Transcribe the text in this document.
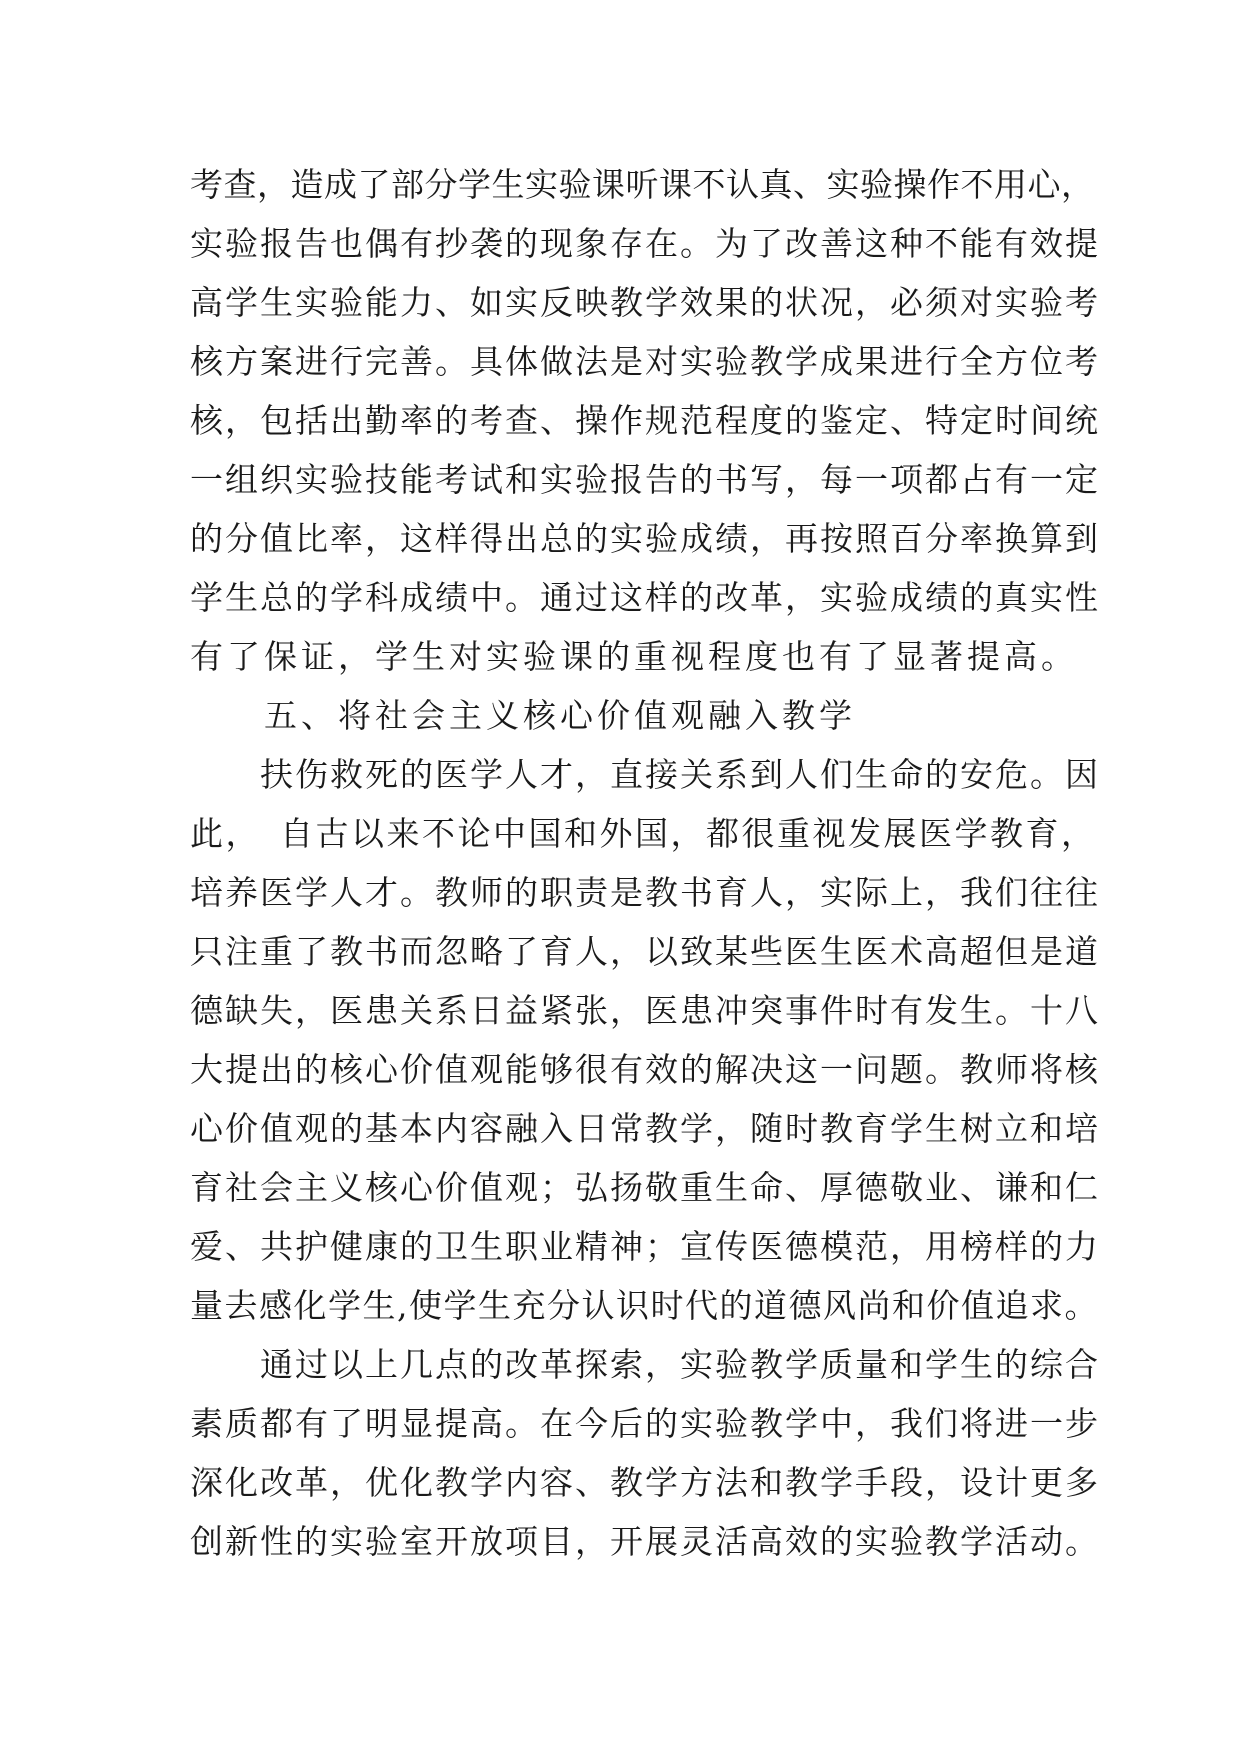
考查，造成了部分学生实验课听课不认真、实验操作不用心，
实验报告也偶有抄袭的现象存在。为了改善这种不能有效提
高学生实验能力、如实反映教学效果的状况，必须对实验考
核方案进行完善。具体做法是对实验教学成果进行全方位考
核，包括出勤率的考查、操作规范程度的鉴定、特定时间统
一组织实验技能考试和实验报告的书写，每一项都占有一定
的分值比率，这样得出总的实验成绩，再按照百分率换算到
学生总的学科成绩中。通过这样的改革，实验成绩的真实性
有了保证，学生对实验课的重视程度也有了显著提高。
　　五、将社会主义核心价值观融入教学
　　扶伤救死的医学人才，直接关系到人们生命的安危。因
此，　自古以来不论中国和外国，都很重视发展医学教育，
培养医学人才。教师的职责是教书育人，实际上，我们往往
只注重了教书而忽略了育人，以致某些医生医术高超但是道
德缺失，医患关系日益紧张，医患冲突事件时有发生。十八
大提出的核心价值观能够很有效的解决这一问题。教师将核
心价值观的基本内容融入日常教学，随时教育学生树立和培
育社会主义核心价值观；弘扬敬重生命、厚德敬业、谦和仁
爱、共护健康的卫生职业精神；宣传医德模范，用榜样的力
量去感化学生,使学生充分认识时代的道德风尚和价值追求。
　　通过以上几点的改革探索，实验教学质量和学生的综合
素质都有了明显提高。在今后的实验教学中，我们将进一步
深化改革，优化教学内容、教学方法和教学手段，设计更多
创新性的实验室开放项目，开展灵活高效的实验教学活动。
